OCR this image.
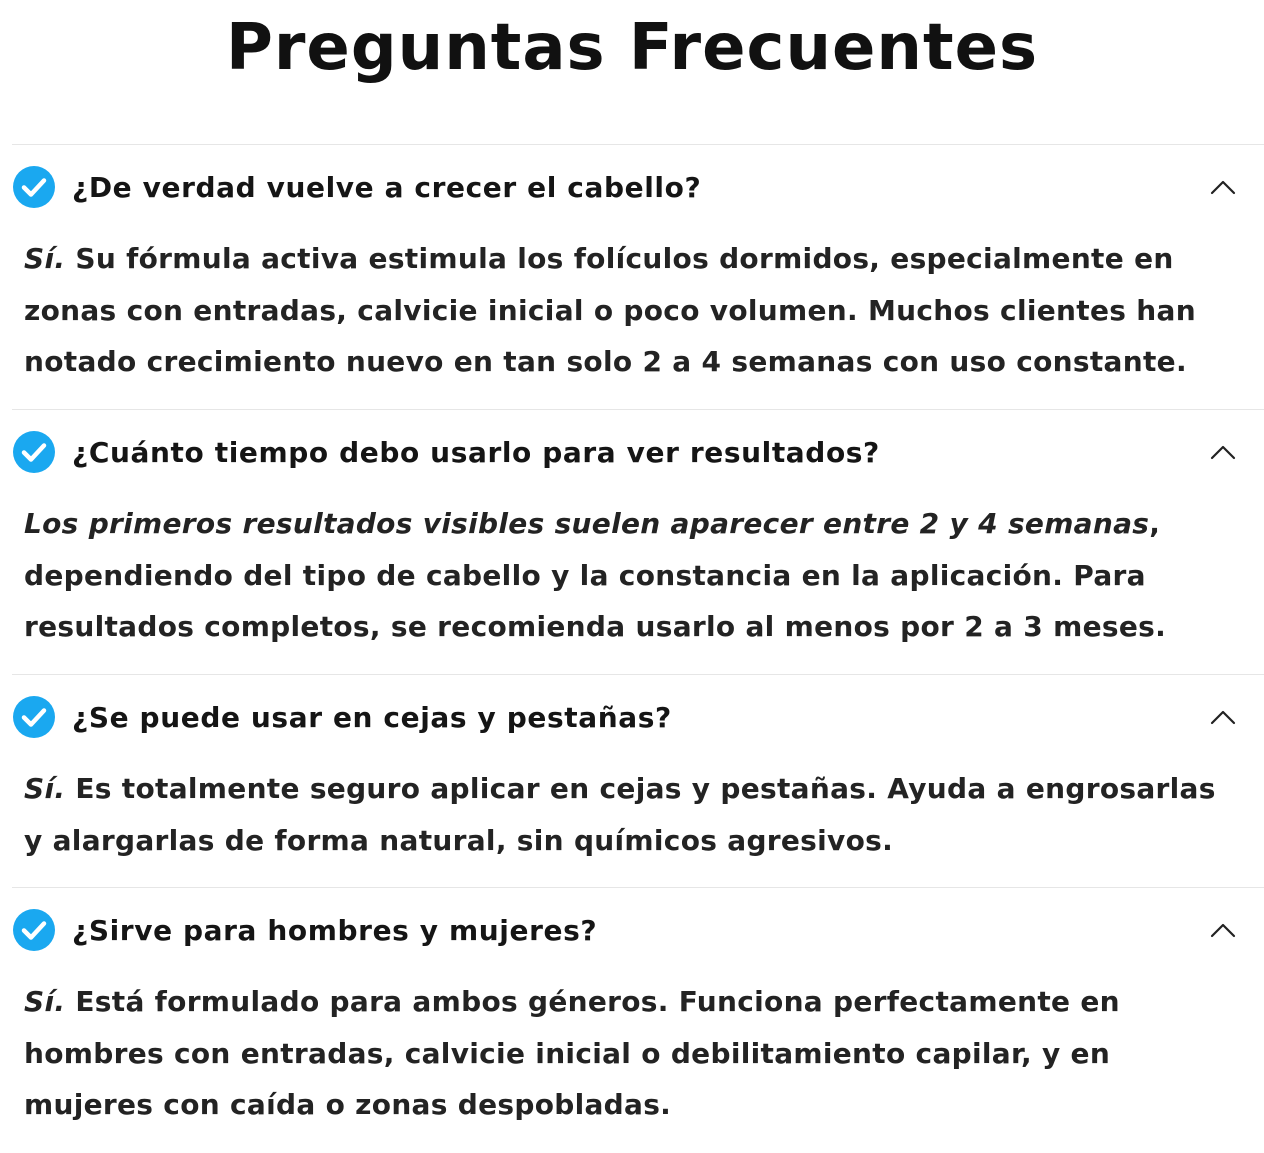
Preguntas Frecuentes
¿De verdad vuelve a crecer el cabello?
Sí. Su fórmula activa estimula los folículos dormidos, especialmente en zonas con entradas, calvicie inicial o poco volumen. Muchos clientes han notado crecimiento nuevo en tan solo 2 a 4 semanas con uso constante.
¿Cuánto tiempo debo usarlo para ver resultados?
Los primeros resultados visibles suelen aparecer entre 2 y 4 semanas, dependiendo del tipo de cabello y la constancia en la aplicación. Para resultados completos, se recomienda usarlo al menos por 2 a 3 meses.
¿Se puede usar en cejas y pestañas?
Sí. Es totalmente seguro aplicar en cejas y pestañas. Ayuda a engrosarlas y alargarlas de forma natural, sin químicos agresivos.
¿Sirve para hombres y mujeres?
Sí. Está formulado para ambos géneros. Funciona perfectamente en hombres con entradas, calvicie inicial o debilitamiento capilar, y en mujeres con caída o zonas despobladas.
